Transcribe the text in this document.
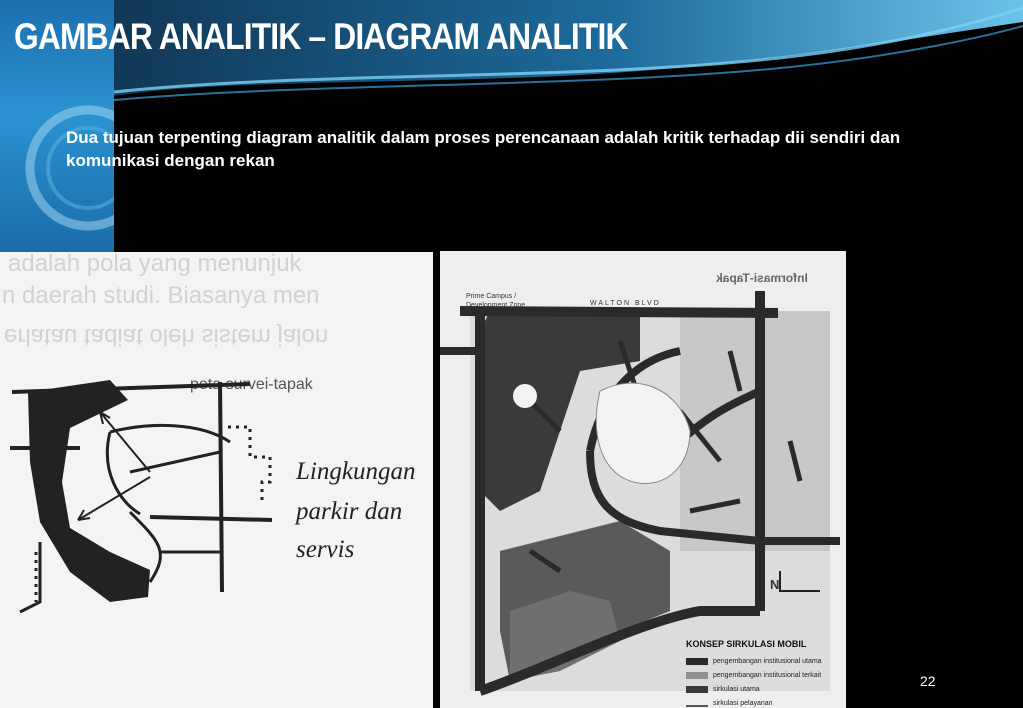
GAMBAR ANALITIK – DIAGRAM ANALITIK

Dua tujuan terpenting diagram analitik dalam proses perencanaan adalah kritik terhadap dii sendiri dan komunikasi dengan rekan

adalah pola yang menunjuk
n daerah studi. Biasanya men
erlatau tadiat oleh sistem jalon
peta survei-tapak
Lingkungan
parkir dan
servis
Informasi-Tapak
Prime Campus /
Development Zone	WALTON BLVD
N
KONSEP SIRKULASI MOBIL
pengembangan institusional utama
pengembangan institusional terkait
sirkulasi utama
sirkulasi pelayanan
22
